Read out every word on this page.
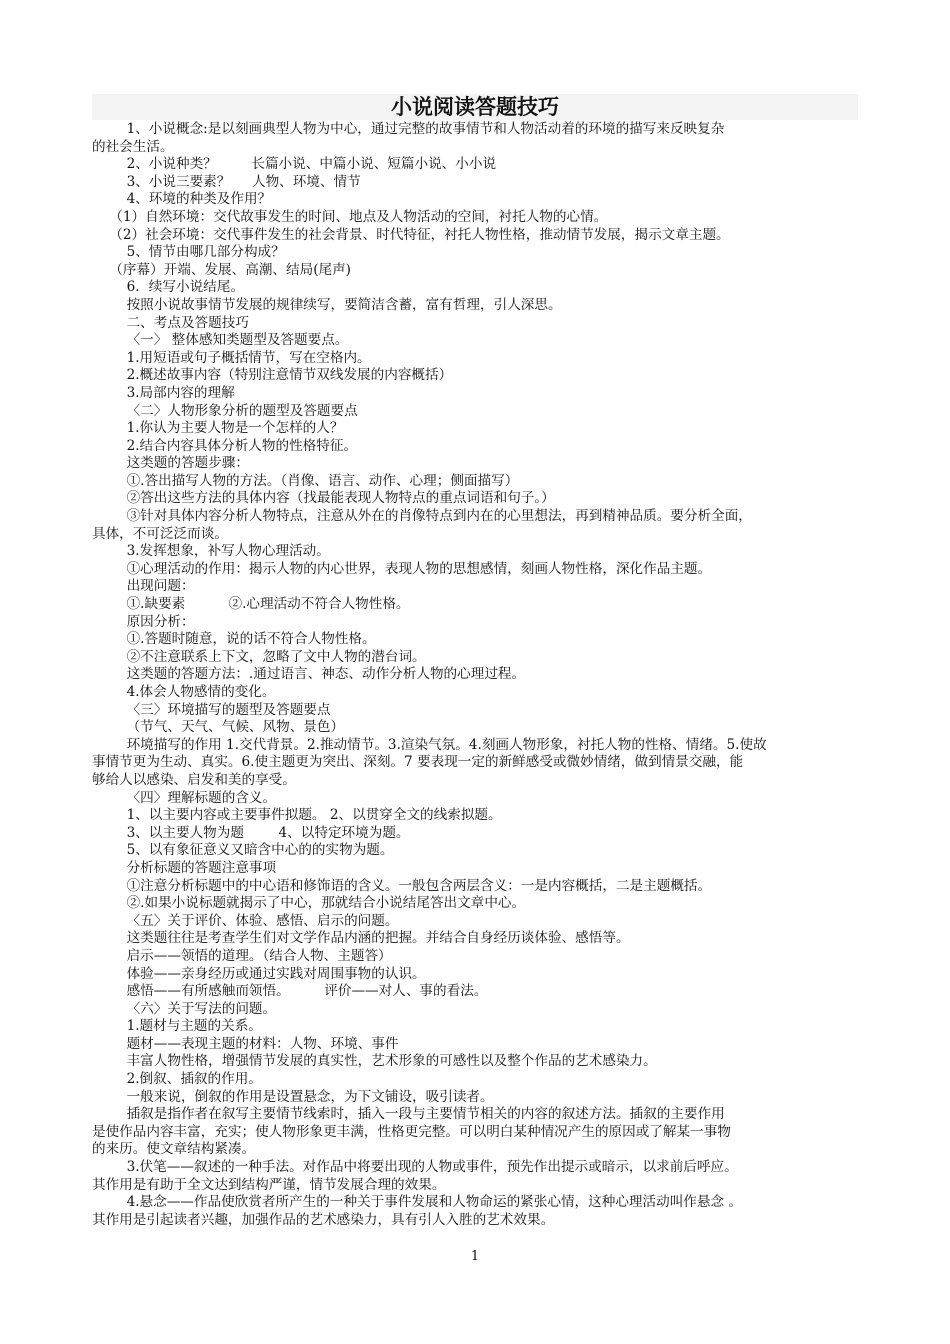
小说阅读答题技巧
1、小说概念:是以刻画典型人物为中心，通过完整的故事情节和人物活动着的环境的描写来反映复杂
的社会生活。
2、小说种类？        长篇小说、中篇小说、短篇小说、小小说
3、小说三要素？     人物、环境、情节
4、环境的种类及作用？
（1）自然环境：交代故事发生的时间、地点及人物活动的空间，衬托人物的心情。
（2）社会环境：交代事件发生的社会背景、时代特征，衬托人物性格，推动情节发展，揭示文章主题。
5、情节由哪几部分构成？
（序幕）开端、发展、高潮、结局(尾声)
6．续写小说结尾。
按照小说故事情节发展的规律续写，要简洁含蓄，富有哲理，引人深思。
二、考点及答题技巧
〈一〉 整体感知类题型及答题要点。
1.用短语或句子概括情节，写在空格内。
2.概述故事内容（特别注意情节双线发展的内容概括）
3.局部内容的理解
〈二〉人物形象分析的题型及答题要点
1.你认为主要人物是一个怎样的人？
2.结合内容具体分析人物的性格特征。
这类题的答题步骤：
①.答出描写人物的方法。（肖像、语言、动作、心理；侧面描写）
②答出这些方法的具体内容（找最能表现人物特点的重点词语和句子。）
③针对具体内容分析人物特点，注意从外在的肖像特点到内在的心里想法，再到精神品质。要分析全面，
具体，不可泛泛而谈。
3.发挥想象，补写人物心理活动。
①心理活动的作用：揭示人物的内心世界，表现人物的思想感情，刻画人物性格，深化作品主题。
出现问题：
①.缺要素          ②.心理活动不符合人物性格。
原因分析：
①.答题时随意，说的话不符合人物性格。
②不注意联系上下文，忽略了文中人物的潜台词。
这类题的答题方法：.通过语言、神态、动作分析人物的心理过程。
4.体会人物感情的变化。
〈三〉环境描写的题型及答题要点
（节气、天气、气候、风物、景色）
环境描写的作用 1.交代背景。2.推动情节。3.渲染气氛。4.刻画人物形象，衬托人物的性格、情绪。5.使故
事情节更为生动、真实。6.使主题更为突出、深刻。7 要表现一定的新鲜感受或微妙情绪，做到情景交融，能
够给人以感染、启发和美的享受。
〈四〉理解标题的含义。
1、以主要内容或主要事件拟题。 2、以贯穿全文的线索拟题。
3、以主要人物为题        4、以特定环境为题。
5、以有象征意义又暗含中心的的实物为题。
分析标题的答题注意事项
①注意分析标题中的中心语和修饰语的含义。一般包含两层含义：一是内容概括，二是主题概括。
②.如果小说标题就揭示了中心，那就结合小说结尾答出文章中心。
〈五〉关于评价、体验、感悟、启示的问题。
这类题往往是考查学生们对文学作品内涵的把握。并结合自身经历谈体验、感悟等。
启示——领悟的道理。（结合人物、主题答）
体验——亲身经历或通过实践对周围事物的认识。
感悟——有所感触而领悟。        评价——对人、事的看法。
〈六〉关于写法的问题。
1.题材与主题的关系。
题材——表现主题的材料：人物、环境、事件
丰富人物性格，增强情节发展的真实性，艺术形象的可感性以及整个作品的艺术感染力。
2.倒叙、插叙的作用。
一般来说，倒叙的作用是设置悬念，为下文铺设，吸引读者。
插叙是指作者在叙写主要情节线索时，插入一段与主要情节相关的内容的叙述方法。插叙的主要作用
是使作品内容丰富，充实；使人物形象更丰满，性格更完整。可以明白某种情况产生的原因或了解某一事物
的来历。使文章结构紧凑。
3.伏笔——叙述的一种手法。对作品中将要出现的人物或事件，预先作出提示或暗示，以求前后呼应。
其作用是有助于全文达到结构严谨，情节发展合理的效果。
4.悬念——作品使欣赏者所产生的一种关于事件发展和人物命运的紧张心情，这种心理活动叫作悬念 。
其作用是引起读者兴趣，加强作品的艺术感染力，具有引人入胜的艺术效果。
1
